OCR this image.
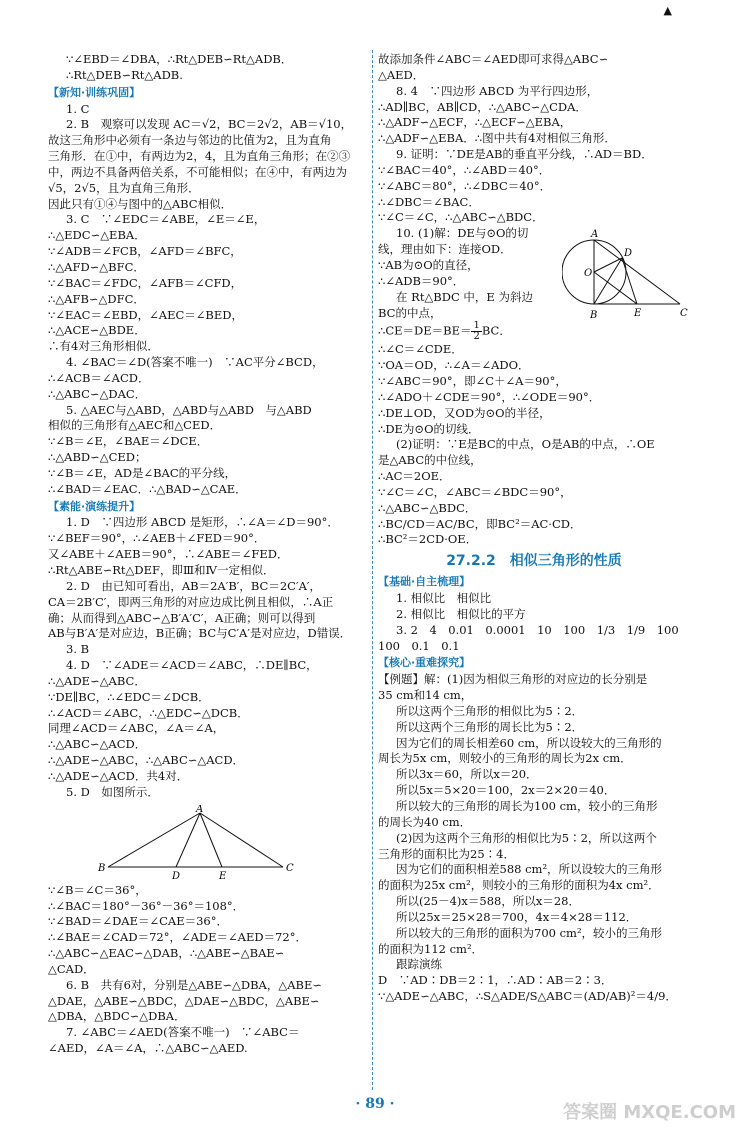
▲
∵∠EBD＝∠DBA，∴Rt△DEB∽Rt△ADB．
∴Rt△DEB∽Rt△ADB.
【新知·训练巩固】
1. C
2. B　观察可以发现 AC＝√2，BC＝2√2，AB＝√10，
故这三角形中必须有一条边与邻边的比值为2，且为直角
三角形．在①中，有两边为2，4，且为直角三角形；在②③
中，两边不具备两倍关系，不可能相似；在④中，有两边为
√5，2√5，且为直角三角形．
因此只有①④与图中的△ABC相似．
3. C　∵∠EDC＝∠ABE，∠E＝∠E，
∴△EDC∽△EBA．
∵∠ADB＝∠FCB，∠AFD＝∠BFC，
∴△AFD∽△BFC．
∵∠BAC＝∠FDC，∠AFB＝∠CFD，
∴△AFB∽△DFC．
∵∠EAC＝∠EBD，∠AEC＝∠BED，
∴△ACE∽△BDE．
∴有4对三角形相似．
4. ∠BAC＝∠D(答案不唯一)　∵AC平分∠BCD，
∴∠ACB＝∠ACD．
∴△ABC∽△DAC．
5. △AEC与△ABD，△ABD与△ABD　与△ABD
相似的三角形有△AEC和△CED．
∵∠B＝∠E，∠BAE＝∠DCE．
∴△ABD∽△CED；
∵∠B＝∠E，AD是∠BAC的平分线，
∴∠BAD＝∠EAC．∴△BAD∽△CAE．
【素能·演练提升】
1. D　∵四边形 ABCD 是矩形，∴∠A＝∠D＝90°．
∵∠BEF＝90°，∴∠AEB＋∠FED＝90°．
又∠ABE＋∠AEB＝90°，∴∠ABE＝∠FED．
∴Rt△ABE∽Rt△DEF，即Ⅲ和Ⅳ一定相似．
2. D　由已知可看出，AB＝2A′B′，BC＝2C′A′，
CA＝2B′C′，即两三角形的对应边成比例且相似，∴A正
确；从而得到△ABC∽△B′A′C′，A正确；则可以得到
AB与B′A′是对应边，B正确；BC与C′A′是对应边，D错误．
3. B
4. D　∵∠ADE＝∠ACD＝∠ABC，∴DE∥BC，
∴△ADE∽△ABC．
∵DE∥BC，∴∠EDC＝∠DCB．
∴∠ACD＝∠ABC，∴△EDC∽△DCB．
同理∠ACD＝∠ABC，∠A＝∠A，
∴△ABC∽△ACD．
∴△ADE∽△ABC，∴△ABC∽△ACD．
∴△ADE∽△ACD．共4对．
5. D　如图所示．
A
B
D	E
C
∵∠B＝∠C＝36°，
∴∠BAC＝180°－36°－36°＝108°．
∵∠BAD＝∠DAE＝∠CAE＝36°．
∴∠BAE＝∠CAD＝72°，∠ADE＝∠AED＝72°．
∴△ABC∽△EAC∽△DAB，∴△ABE∽△BAE∽
△CAD．
6. B　共有6对，分别是△ABE∽△DBA，△ABE∽
△DAE，△ABE∽△BDC，△DAE∽△BDC，△ABE∽
△DBA，△BDC∽△DBA．
7. ∠ABC＝∠AED(答案不唯一)　∵∠ABC＝
∠AED，∠A＝∠A，∴△ABC∽△AED.
故添加条件∠ABC＝∠AED即可求得△ABC∽
△AED．
8. 4　∵四边形 ABCD 为平行四边形，
∴AD∥BC，AB∥CD，∴△ABC∽△CDA．
∴△ADF∽△ECF，∴△ECF∽△EBA，
∴△ADF∽△EBA．∴图中共有4对相似三角形．
9. 证明：∵DE是AB的垂直平分线，∴AD＝BD．
∵∠BAC＝40°，∴∠ABD＝40°．
∵∠ABC＝80°，∴∠DBC＝40°．
∴∠DBC＝∠BAC．
∵∠C＝∠C，∴△ABC∽△BDC．
10. (1)解：DE与⊙O的切
线，理由如下：连接OD．
∵AB为⊙O的直径，
∴∠ADB＝90°．
在 Rt△BDC 中，E 为斜边
BC的中点，
A
O
D
B	E	C
∴CE＝DE＝BE＝ $\frac{1}{2}$ BC．
∴∠C＝∠CDE．
∵OA＝OD，∴∠A＝∠ADO．
∵∠ABC＝90°，即∠C＋∠A＝90°，
∴∠ADO＋∠CDE＝90°，∴∠ODE＝90°．
∴DE⊥OD，又OD为⊙O的半径，
∴DE为⊙O的切线．
(2)证明：∵E是BC的中点，O是AB的中点，∴OE
是△ABC的中位线，
∴AC＝2OE．
∵∠C＝∠C，∠ABC＝∠BDC＝90°，
∴△ABC∽△BDC．
∴BC/CD＝AC/BC，即BC²＝AC·CD．
∴BC²＝2CD·OE．
27.2.2　相似三角形的性质
【基础·自主梳理】
1. 相似比　相似比
2. 相似比　相似比的平方
3. 2　4　0.01　0.0001　10　100　1/3　1/9　100
100　0.1　0.1
【核心·重难探究】
【例题】解：(1)因为相似三角形的对应边的长分别是
35 cm和14 cm，
所以这两个三角形的相似比为5∶2．
所以这两个三角形的周长比为5∶2．
因为它们的周长相差60 cm，所以设较大的三角形的
周长为5x cm，则较小的三角形的周长为2x cm．
所以3x＝60，所以x＝20．
所以5x＝5×20＝100，2x＝2×20＝40．
所以较大的三角形的周长为100 cm，较小的三角形
的周长为40 cm．
(2)因为这两个三角形的相似比为5∶2，所以这两个
三角形的面积比为25∶4．
因为它们的面积相差588 cm²，所以设较大的三角形
的面积为25x cm²，则较小的三角形的面积为4x cm²．
所以(25－4)x＝588，所以x＝28．
所以25x＝25×28＝700，4x＝4×28＝112．
所以较大的三角形的面积为700 cm²，较小的三角形
的面积为112 cm²．
跟踪演练
D　∵AD∶DB＝2∶1，∴AD∶AB＝2∶3．
∵△ADE∽△ABC，∴S△ADE/S△ABC＝(AD/AB)²＝4/9．
· 89 ·	答案圈 MXQE.COM
